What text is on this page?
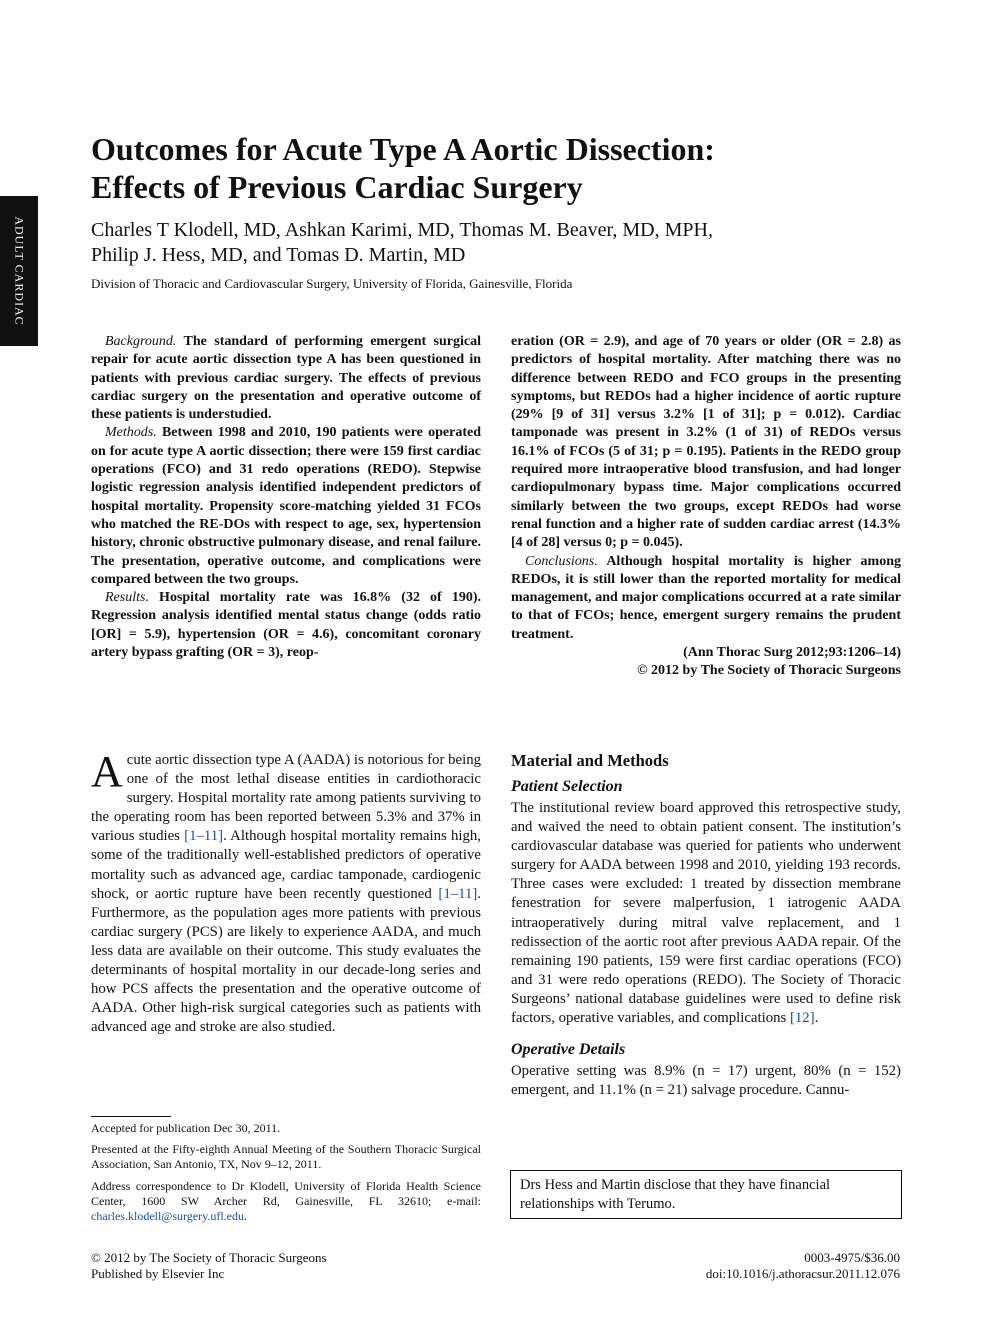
ADULT CARDIAC
Outcomes for Acute Type A Aortic Dissection:
Effects of Previous Cardiac Surgery

Charles T Klodell, MD, Ashkan Karimi, MD, Thomas M. Beaver, MD, MPH,
Philip J. Hess, MD, and Tomas D. Martin, MD

Division of Thoracic and Cardiovascular Surgery, University of Florida, Gainesville, Florida

Background. The standard of performing emergent surgical repair for acute aortic dissection type A has been questioned in patients with previous cardiac surgery. The effects of previous cardiac surgery on the presentation and operative outcome of these patients is understudied.

Methods. Between 1998 and 2010, 190 patients were operated on for acute type A aortic dissection; there were 159 first cardiac operations (FCO) and 31 redo operations (REDO). Stepwise logistic regression analysis identified independent predictors of hospital mortality. Propensity score-matching yielded 31 FCOs who matched the RE-DOs with respect to age, sex, hypertension history, chronic obstructive pulmonary disease, and renal failure. The presentation, operative outcome, and complications were compared between the two groups.

Results. Hospital mortality rate was 16.8% (32 of 190). Regression analysis identified mental status change (odds ratio [OR] = 5.9), hypertension (OR = 4.6), concomitant coronary artery bypass grafting (OR = 3), reop-

eration (OR = 2.9), and age of 70 years or older (OR = 2.8) as predictors of hospital mortality. After matching there was no difference between REDO and FCO groups in the presenting symptoms, but REDOs had a higher incidence of aortic rupture (29% [9 of 31] versus 3.2% [1 of 31]; p = 0.012). Cardiac tamponade was present in 3.2% (1 of 31) of REDOs versus 16.1% of FCOs (5 of 31; p = 0.195). Patients in the REDO group required more intraoperative blood transfusion, and had longer cardiopulmonary bypass time. Major complications occurred similarly between the two groups, except REDOs had worse renal function and a higher rate of sudden cardiac arrest (14.3% [4 of 28] versus 0; p = 0.045).

Conclusions. Although hospital mortality is higher among REDOs, it is still lower than the reported mortality for medical management, and major complications occurred at a rate similar to that of FCOs; hence, emergent surgery remains the prudent treatment.

(Ann Thorac Surg 2012;93:1206–14)

© 2012 by The Society of Thoracic Surgeons

Acute aortic dissection type A (AADA) is notorious for being one of the most lethal disease entities in cardiothoracic surgery. Hospital mortality rate among patients surviving to the operating room has been reported between 5.3% and 37% in various studies [1–11]. Although hospital mortality remains high, some of the traditionally well-established predictors of operative mortality such as advanced age, cardiac tamponade, cardiogenic shock, or aortic rupture have been recently questioned [1–11]. Furthermore, as the population ages more patients with previous cardiac surgery (PCS) are likely to experience AADA, and much less data are available on their outcome. This study evaluates the determinants of hospital mortality in our decade-long series and how PCS affects the presentation and the operative outcome of AADA. Other high-risk surgical categories such as patients with advanced age and stroke are also studied.

Material and Methods
Patient Selection

The institutional review board approved this retrospective study, and waived the need to obtain patient consent. The institution’s cardiovascular database was queried for patients who underwent surgery for AADA between 1998 and 2010, yielding 193 records. Three cases were excluded: 1 treated by dissection membrane fenestration for severe malperfusion, 1 iatrogenic AADA intraoperatively during mitral valve replacement, and 1 redissection of the aortic root after previous AADA repair. Of the remaining 190 patients, 159 were first cardiac operations (FCO) and 31 were redo operations (REDO). The Society of Thoracic Surgeons’ national database guidelines were used to define risk factors, operative variables, and complications [12].

Operative Details

Operative setting was 8.9% (n = 17) urgent, 80% (n = 152) emergent, and 11.1% (n = 21) salvage procedure. Cannu-

Accepted for publication Dec 30, 2011.

Presented at the Fifty-eighth Annual Meeting of the Southern Thoracic Surgical Association, San Antonio, TX, Nov 9–12, 2011.

Address correspondence to Dr Klodell, University of Florida Health Science Center, 1600 SW Archer Rd, Gainesville, FL 32610; e-mail: charles.klodell@surgery.ufl.edu.

Drs Hess and Martin disclose that they have financial relationships with Terumo.
© 2012 by The Society of Thoracic Surgeons
Published by Elsevier Inc
0003-4975/$36.00
doi:10.1016/j.athoracsur.2011.12.076
